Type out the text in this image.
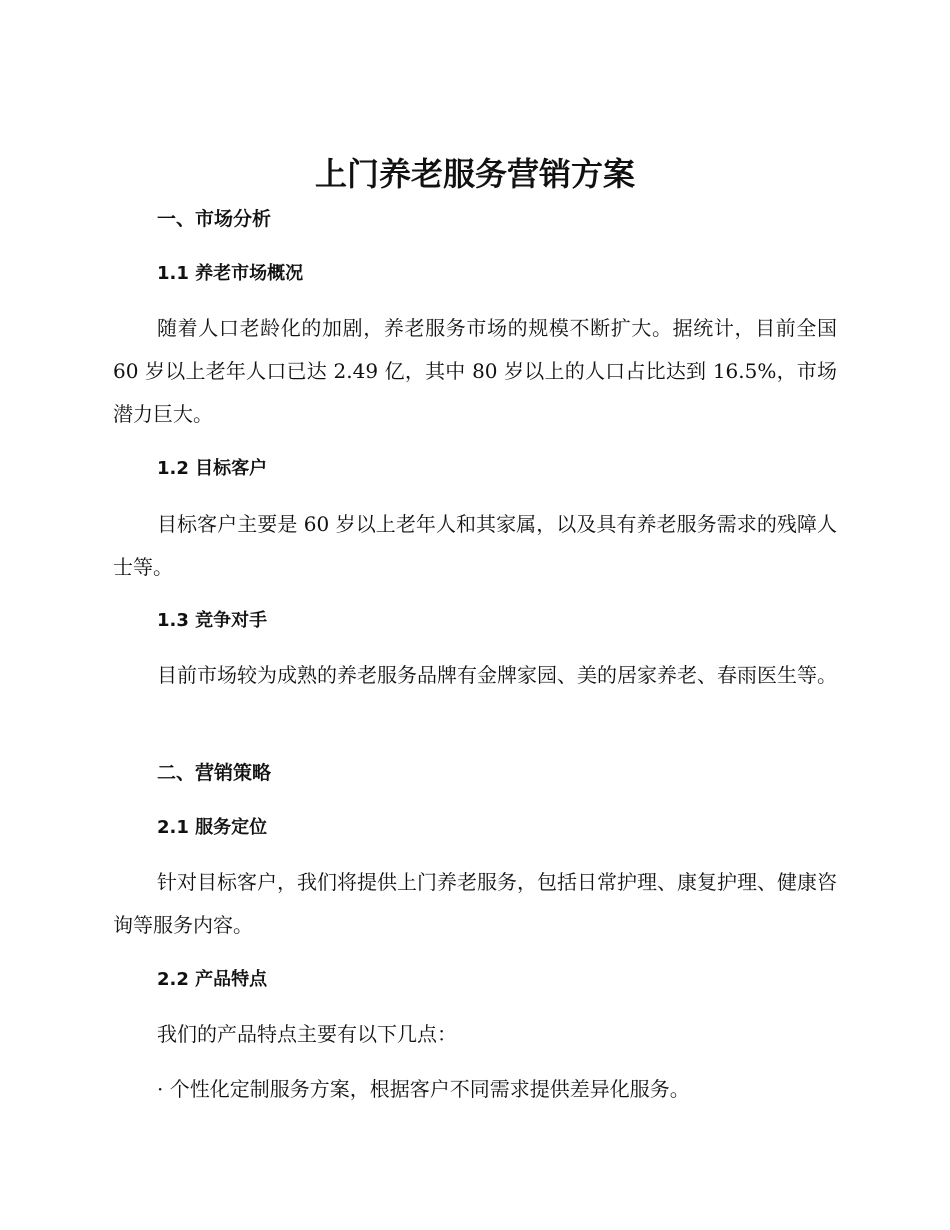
上门养老服务营销方案
一、市场分析
1.1 养老市场概况

随着人口老龄化的加剧，养老服务市场的规模不断扩大。据统计，目前全国 60 岁以上老年人口已达 2.49 亿，其中 80 岁以上的人口占比达到 16.5%，市场潜力巨大。

1.2 目标客户

目标客户主要是 60 岁以上老年人和其家属，以及具有养老服务需求的残障人士等。

1.3 竞争对手

目前市场较为成熟的养老服务品牌有金牌家园、美的居家养老、春雨医生等。

二、营销策略
2.1 服务定位

针对目标客户，我们将提供上门养老服务，包括日常护理、康复护理、健康咨询等服务内容。

2.2 产品特点

我们的产品特点主要有以下几点：

· 个性化定制服务方案，根据客户不同需求提供差异化服务。
